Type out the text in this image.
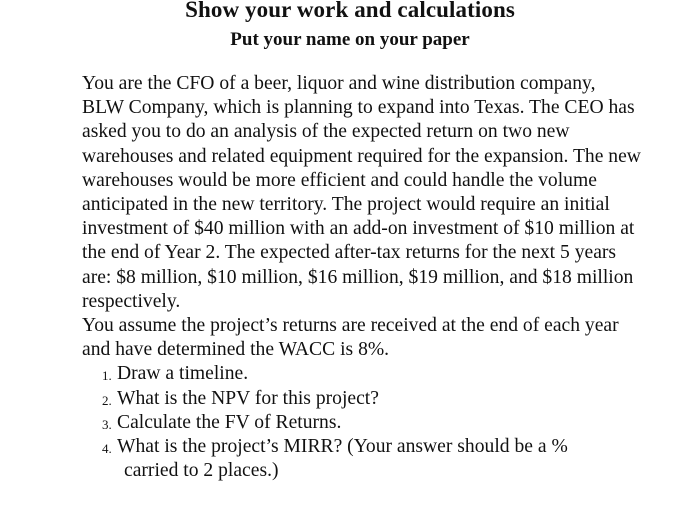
Show your work and calculations
Put your name on your paper

You are the CFO of a beer, liquor and wine distribution company, BLW Company, which is planning to expand into Texas. The CEO has asked you to do an analysis of the expected return on two new warehouses and related equipment required for the expansion. The new warehouses would be more efficient and could handle the volume anticipated in the new territory. The project would require an initial investment of $40 million with an add-on investment of $10 million at the end of Year 2. The expected after-tax returns for the next 5 years are: $8 million, $10 million, $16 million, $19 million, and $18 million respectively.

You assume the project’s returns are received at the end of each year and have determined the WACC is 8%.

1. Draw a timeline.
2. What is the NPV for this project?
3. Calculate the FV of Returns.
4. What is the project’s MIRR? (Your answer should be a %
carried to 2 places.)
